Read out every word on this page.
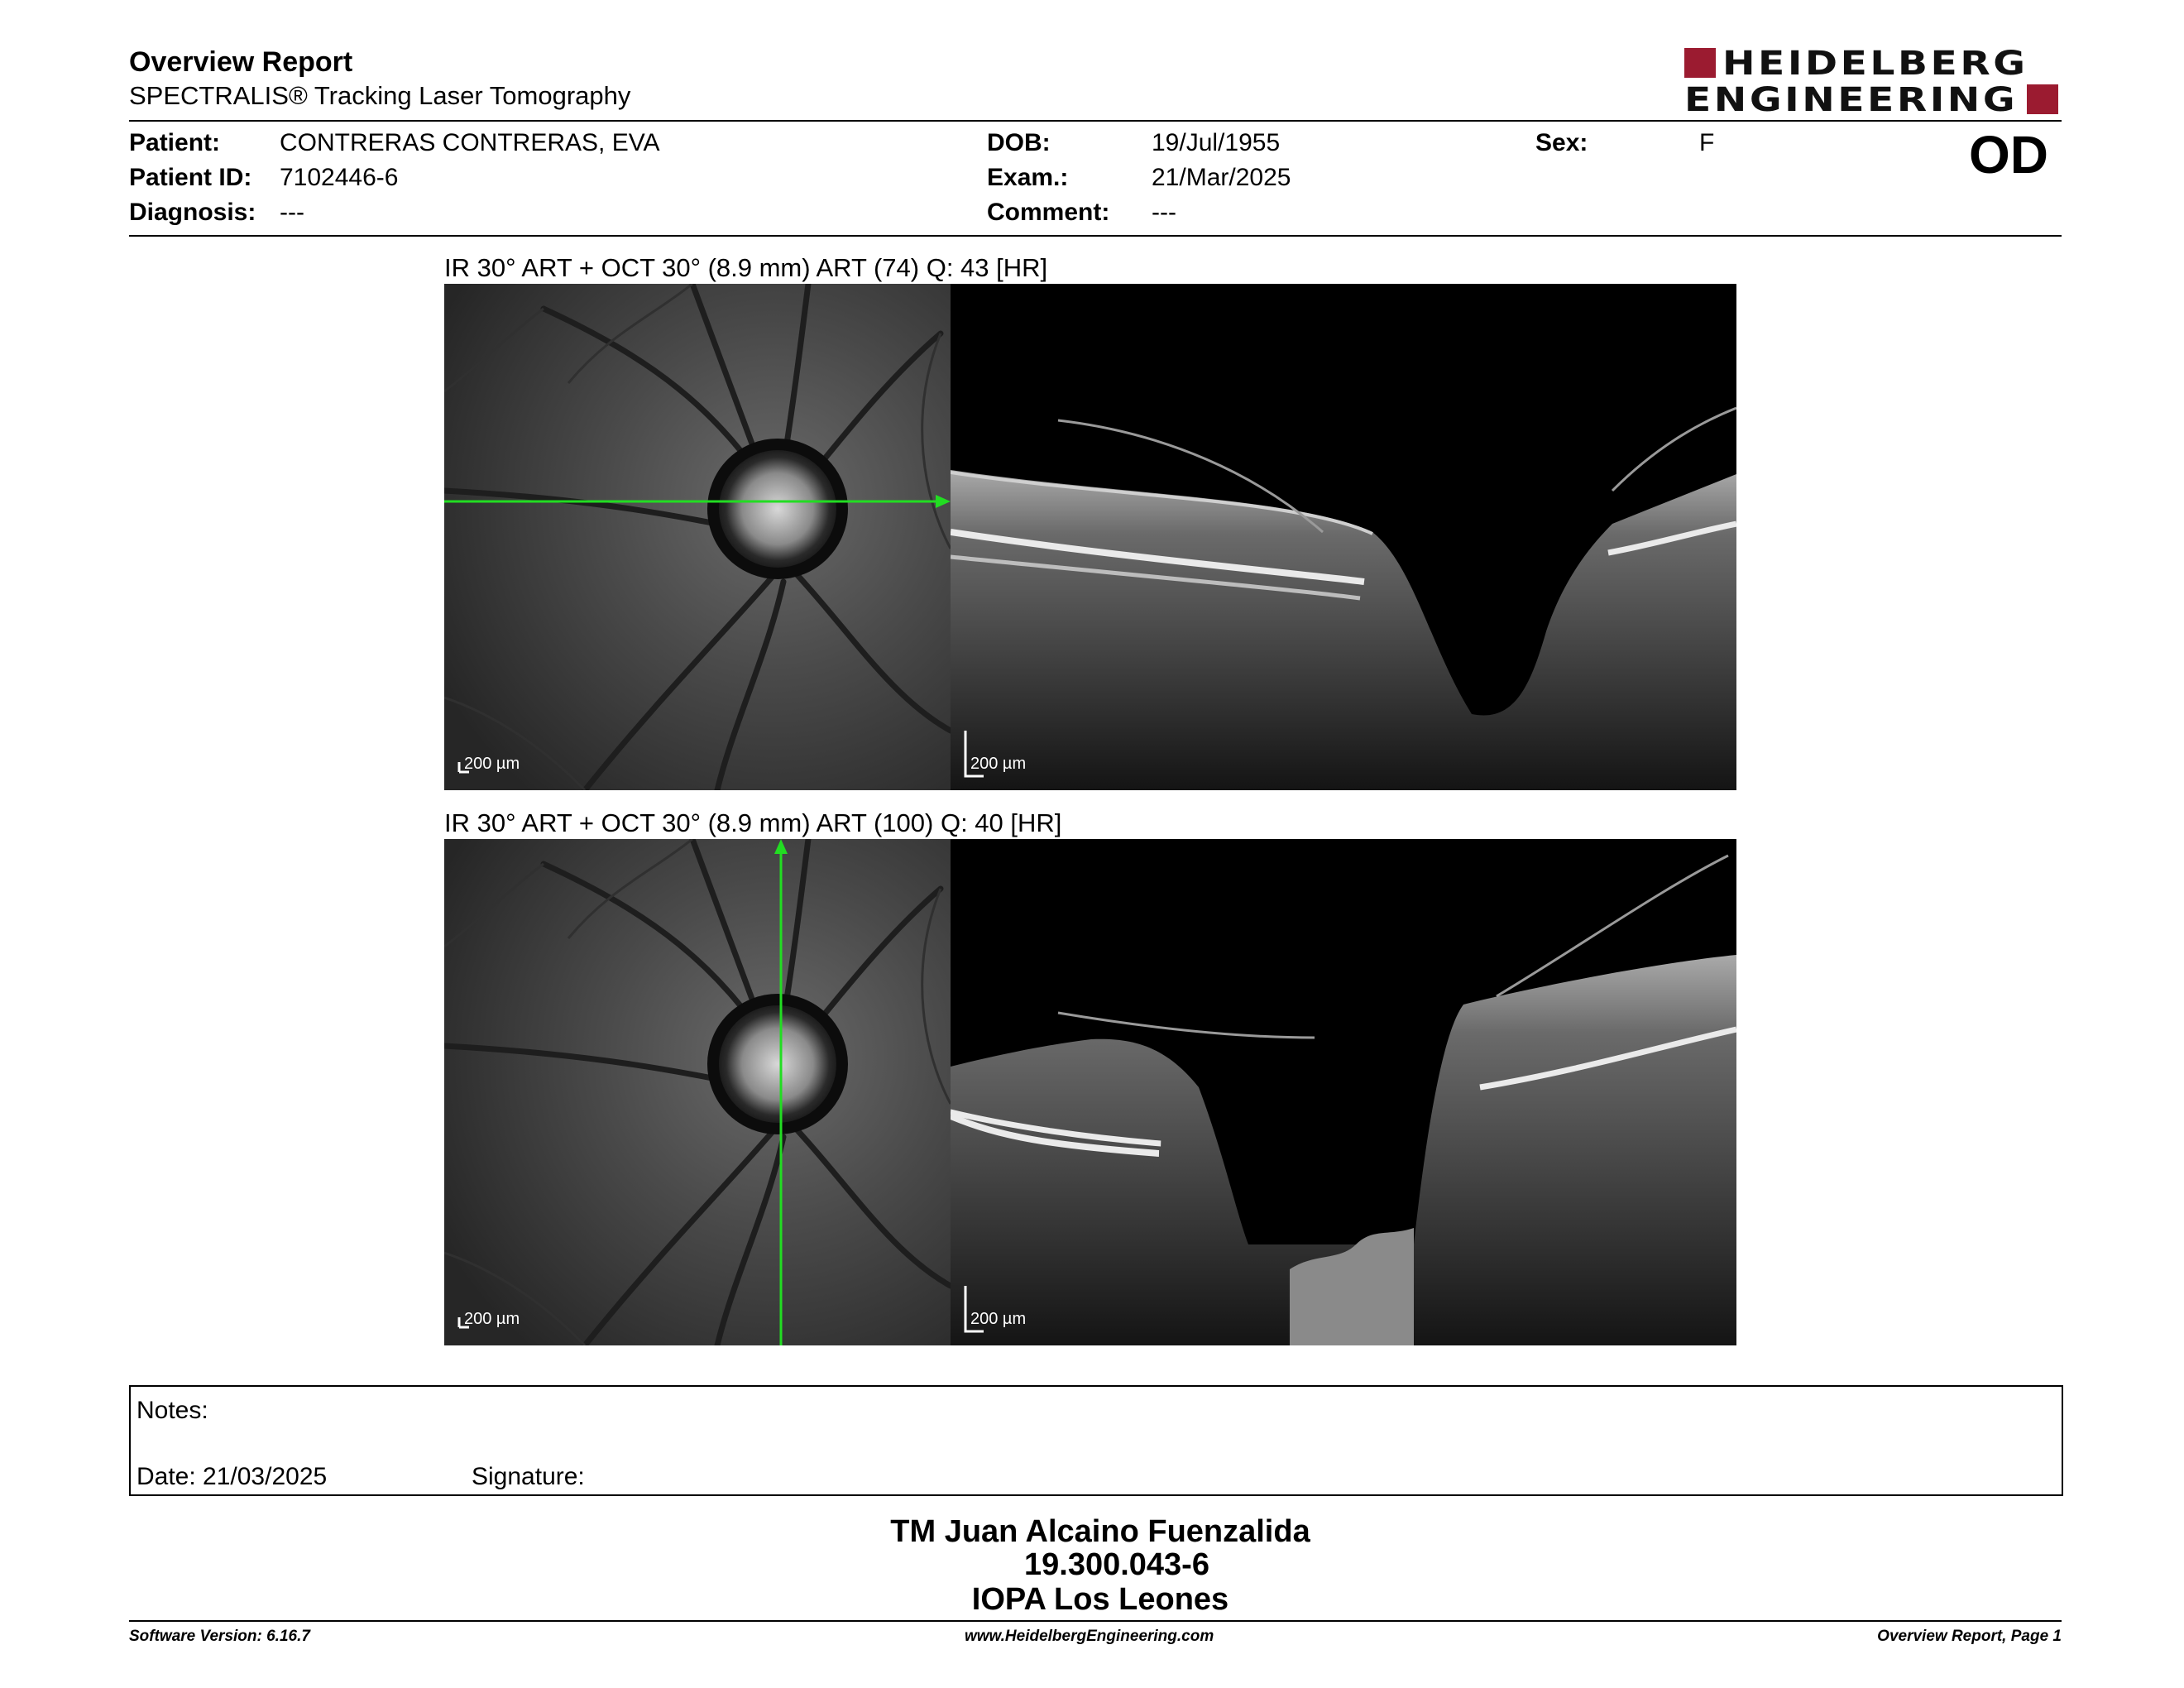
Overview Report
SPECTRALIS® Tracking Laser Tomography
HEIDELBERG
ENGINEERING
Patient: CONTRERAS CONTRERAS, EVA
Patient ID: 7102446-6
Diagnosis: ---
DOB:	19/Jul/1955
Exam.:	21/Mar/2025
Comment: ---
Sex:	F	OD
IR 30° ART + OCT 30° (8.9 mm) ART (74) Q: 43 [HR]
200 µm	200 µm
IR 30° ART + OCT 30° (8.9 mm) ART (100) Q: 40 [HR]
200 µm	200 µm
Notes:
Date: 21/03/2025	Signature:
TM Juan Alcaino Fuenzalida
19.300.043-6
IOPA Los Leones
Software Version: 6.16.7	www.HeidelbergEngineering.com	Overview Report, Page 1
